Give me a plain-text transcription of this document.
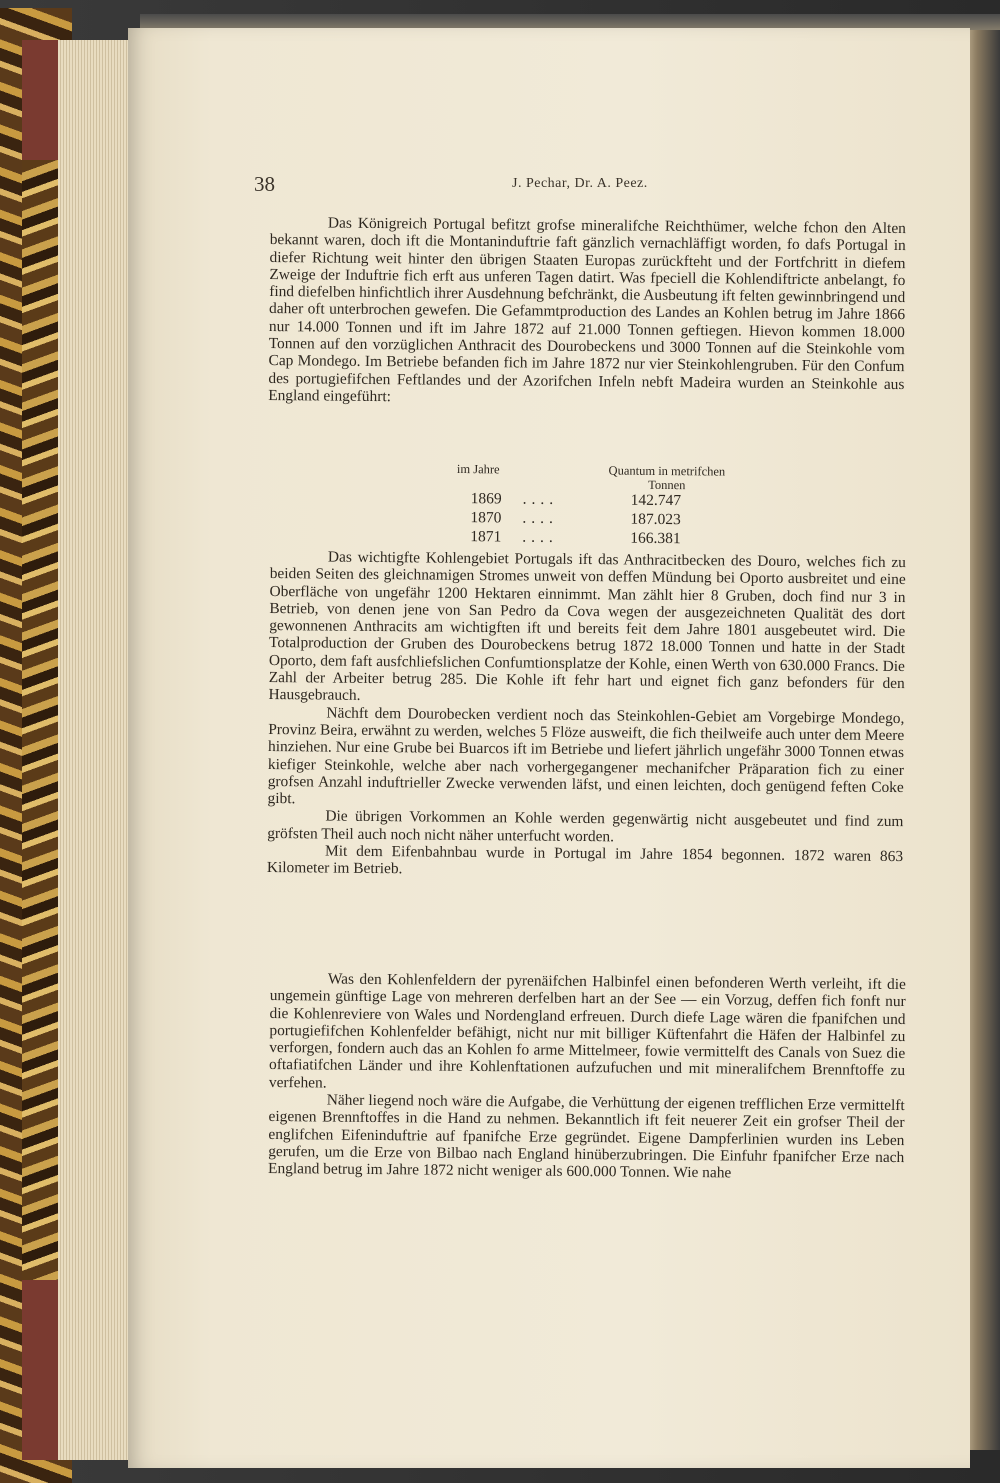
38	J. Pechar, Dr. A. Peez.

Das Königreich Portugal befitzt grofse mineralifche Reichthümer, welche fchon den Alten bekannt waren, doch ift die Montaninduftrie faft gänzlich vernachläffigt worden, fo dafs Portugal in diefer Richtung weit hinter den übrigen Staaten Europas zurückfteht und der Fortfchritt in diefem Zweige der Induftrie fich erft aus unferen Tagen datirt. Was fpeciell die Kohlendiftricte anbelangt, fo find diefelben hinfichtlich ihrer Ausdehnung befchränkt, die Ausbeutung ift felten gewinnbringend und daher oft unterbrochen gewefen. Die Gefammtproduction des Landes an Kohlen betrug im Jahre 1866 nur 14.000 Tonnen und ift im Jahre 1872 auf 21.000 Tonnen geftiegen. Hievon kommen 18.000 Tonnen auf den vorzüglichen Anthracit des Dourobeckens und 3000 Tonnen auf die Steinkohle vom Cap Mondego. Im Betriebe befanden fich im Jahre 1872 nur vier Steinkohlengruben. Für den Confum des portugiefifchen Feftlandes und der Azorifchen Infeln nebft Madeira wurden an Steinkohle aus England eingeführt:

im Jahre	Quantum in metrifchen Tonnen
1869 ....	142.747
1870 ....	187.023
1871 ....	166.381

Das wichtigfte Kohlengebiet Portugals ift das Anthracitbecken des Douro, welches fich zu beiden Seiten des gleichnamigen Stromes unweit von deffen Mündung bei Oporto ausbreitet und eine Oberfläche von ungefähr 1200 Hektaren einnimmt. Man zählt hier 8 Gruben, doch find nur 3 in Betrieb, von denen jene von San Pedro da Cova wegen der ausgezeichneten Qualität des dort gewonnenen Anthracits am wichtigften ift und bereits feit dem Jahre 1801 ausgebeutet wird. Die Totalproduction der Gruben des Dourobeckens betrug 1872 18.000 Tonnen und hatte in der Stadt Oporto, dem faft ausfchliefslichen Confumtionsplatze der Kohle, einen Werth von 630.000 Francs. Die Zahl der Arbeiter betrug 285. Die Kohle ift fehr hart und eignet fich ganz befonders für den Hausgebrauch.

Nächft dem Dourobecken verdient noch das Steinkohlen-Gebiet am Vorgebirge Mondego, Provinz Beira, erwähnt zu werden, welches 5 Flöze ausweift, die fich theilweife auch unter dem Meere hinziehen. Nur eine Grube bei Buarcos ift im Betriebe und liefert jährlich ungefähr 3000 Tonnen etwas kiefiger Steinkohle, welche aber nach vorhergegangener mechanifcher Präparation fich zu einer grofsen Anzahl induftrieller Zwecke verwenden läfst, und einen leichten, doch genügend feften Coke gibt.

Die übrigen Vorkommen an Kohle werden gegenwärtig nicht ausgebeutet und find zum gröfsten Theil auch noch nicht näher unterfucht worden.

Mit dem Eifenbahnbau wurde in Portugal im Jahre 1854 begonnen. 1872 waren 863 Kilometer im Betrieb.

Was den Kohlenfeldern der pyrenäifchen Halbinfel einen befonderen Werth verleiht, ift die ungemein günftige Lage von mehreren derfelben hart an der See — ein Vorzug, deffen fich fonft nur die Kohlenreviere von Wales und Nordengland erfreuen. Durch diefe Lage wären die fpanifchen und portugiefifchen Kohlenfelder befähigt, nicht nur mit billiger Küftenfahrt die Häfen der Halbinfel zu verforgen, fondern auch das an Kohlen fo arme Mittelmeer, fowie vermittelft des Canals von Suez die oftafiatifchen Länder und ihre Kohlenftationen aufzufuchen und mit mineralifchem Brennftoffe zu verfehen.

Näher liegend noch wäre die Aufgabe, die Verhüttung der eigenen trefflichen Erze vermittelft eigenen Brennftoffes in die Hand zu nehmen. Bekanntlich ift feit neuerer Zeit ein grofser Theil der englifchen Eifeninduftrie auf fpanifche Erze gegründet. Eigene Dampferlinien wurden ins Leben gerufen, um die Erze von Bilbao nach England hinüberzubringen. Die Einfuhr fpanifcher Erze nach England betrug im Jahre 1872 nicht weniger als 600.000 Tonnen. Wie nahe
